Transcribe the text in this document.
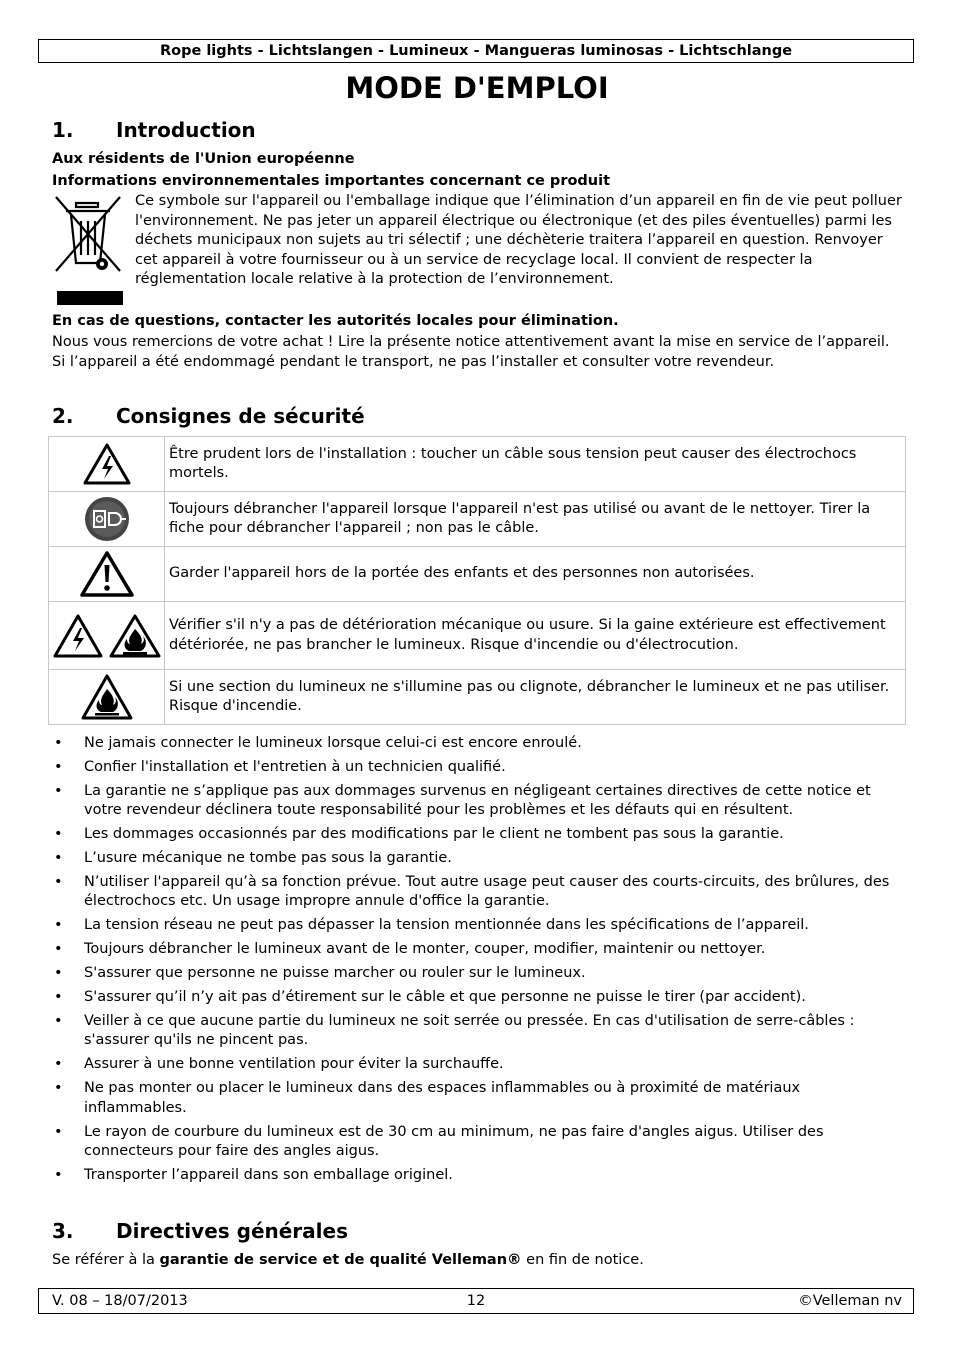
Rope lights - Lichtslangen - Lumineux - Mangueras luminosas - Lichtschlange
MODE D'EMPLOI
1. Introduction
Aux résidents de l'Union européenne
Informations environnementales importantes concernant ce produit
Ce symbole sur l'appareil ou l'emballage indique que l’élimination d’un appareil en fin de vie peut polluer l'environnement. Ne pas jeter un appareil électrique ou électronique (et des piles éventuelles) parmi les déchets municipaux non sujets au tri sélectif ; une déchèterie traitera l’appareil en question. Renvoyer cet appareil à votre fournisseur ou à un service de recyclage local. Il convient de respecter la réglementation locale relative à la protection de l’environnement.
En cas de questions, contacter les autorités locales pour élimination.
Nous vous remercions de votre achat ! Lire la présente notice attentivement avant la mise en service de l’appareil. Si l’appareil a été endommagé pendant le transport, ne pas l’installer et consulter votre revendeur.
2. Consignes de sécurité
	Être prudent lors de l'installation : toucher un câble sous tension peut causer des électrochocs mortels.

	Toujours débrancher l'appareil lorsque l'appareil n'est pas utilisé ou avant de le nettoyer. Tirer la fiche pour débrancher l'appareil ; non pas le câble.

	Garder l'appareil hors de la portée des enfants et des personnes non autorisées.

	Vérifier s'il n'y a pas de détérioration mécanique ou usure. Si la gaine extérieure est effectivement détériorée, ne pas brancher le lumineux. Risque d'incendie ou d'électrocution.

	Si une section du lumineux ne s'illumine pas ou clignote, débrancher le lumineux et ne pas utiliser. Risque d'incendie.
• Ne jamais connecter le lumineux lorsque celui-ci est encore enroulé.
• Confier l'installation et l'entretien à un technicien qualifié.
• La garantie ne s’applique pas aux dommages survenus en négligeant certaines directives de cette notice et votre revendeur déclinera toute responsabilité pour les problèmes et les défauts qui en résultent.
• Les dommages occasionnés par des modifications par le client ne tombent pas sous la garantie.
• L’usure mécanique ne tombe pas sous la garantie.
• N’utiliser l'appareil qu’à sa fonction prévue. Tout autre usage peut causer des courts-circuits, des brûlures, des électrochocs etc. Un usage impropre annule d'office la garantie.
• La tension réseau ne peut pas dépasser la tension mentionnée dans les spécifications de l’appareil.
• Toujours débrancher le lumineux avant de le monter, couper, modifier, maintenir ou nettoyer.
• S'assurer que personne ne puisse marcher ou rouler sur le lumineux.
• S'assurer qu’il n’y ait pas d’étirement sur le câble et que personne ne puisse le tirer (par accident).
• Veiller à ce que aucune partie du lumineux ne soit serrée ou pressée. En cas d'utilisation de serre-câbles : s'assurer qu'ils ne pincent pas.
• Assurer à une bonne ventilation pour éviter la surchauffe.
• Ne pas monter ou placer le lumineux dans des espaces inflammables ou à proximité de matériaux inflammables.
• Le rayon de courbure du lumineux est de 30 cm au minimum, ne pas faire d'angles aigus. Utiliser des connecteurs pour faire des angles aigus.
• Transporter l’appareil dans son emballage originel.
3. Directives générales
Se référer à la garantie de service et de qualité Velleman® en fin de notice.
12
V. 08 – 18/07/2013	©Velleman nv
